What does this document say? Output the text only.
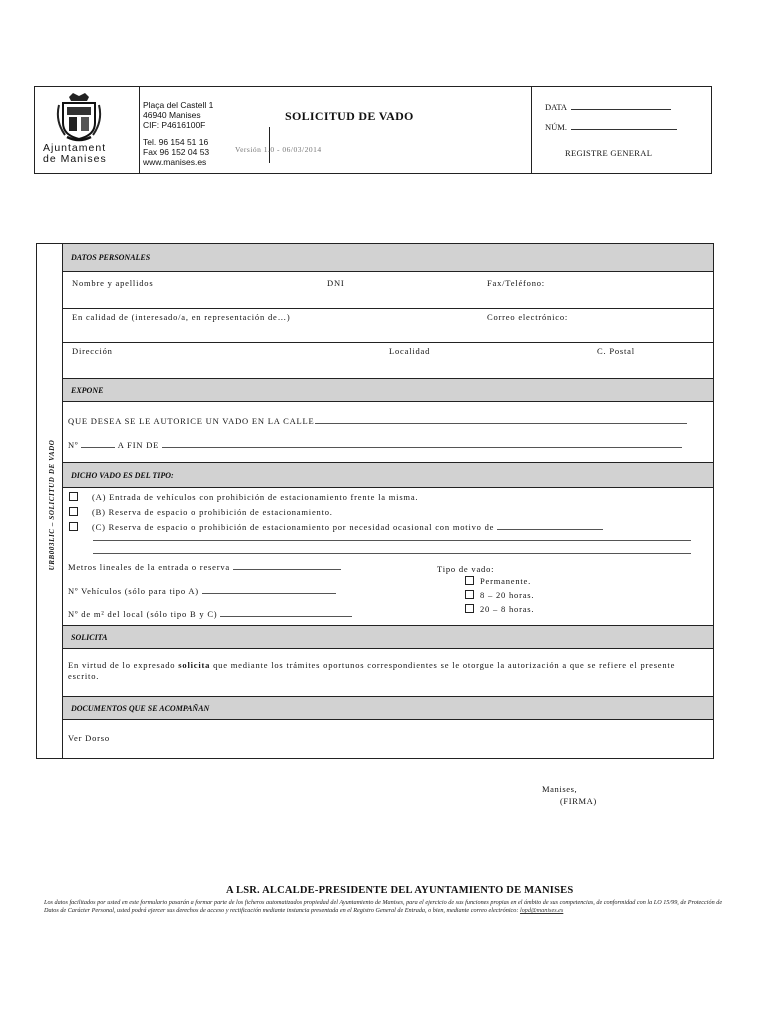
Ajuntament
de Manises
Plaça del Castell 1
46940 Manises
CIF: P4616100F
Tel. 96 154 51 16
Fax 96 152 04 53
www.manises.es
SOLICITUD DE VADO
Versión 1.0 - 06/03/2014
DATA
NÚM.
REGISTRE GENERAL
URB003LIC – SOLICITUD DE VADO
DATOS PERSONALES
Nombre y apellidos	DNI	Fax/Teléfono:
En calidad de (interesado/a, en representación de…)	Correo electrónico:
Dirección	Localidad	C. Postal
EXPONE
QUE DESEA SE LE AUTORICE UN VADO EN LA CALLE
Nº	A FIN DE
DICHO VADO ES DEL TIPO:
(A) Entrada de vehículos con prohibición de estacionamiento frente la misma.
(B) Reserva de espacio o prohibición de estacionamiento.
(C) Reserva de espacio o prohibición de estacionamiento por necesidad ocasional con motivo de
Metros lineales de la entrada o reserva
Nº Vehículos (sólo para tipo A)
Nº de m² del local (sólo tipo B y C)
Tipo de vado:
Permanente.
8 – 20 horas.
20 – 8 horas.
SOLICITA
En virtud de lo expresado solicita que mediante los trámites oportunos correspondientes se le otorgue la autorización a que se refiere el presente escrito.
DOCUMENTOS QUE SE ACOMPAÑAN
Ver Dorso
Manises,
(FIRMA)
A LSR. ALCALDE-PRESIDENTE DEL AYUNTAMIENTO DE MANISES
Los datos facilitados por usted en este formulario pasarán a formar parte de los ficheros automatizados propiedad del Ayuntamiento de Manises, para el ejercicio de sus funciones propias en el ámbito de sus competencias, de conformidad con la LO 15/99, de Protección de Datos de Carácter Personal, usted podrá ejercer sus derechos de acceso y rectificación mediante instancia presentada en el Registro General de Entrada, o bien, mediante correo electrónico: lopd@manises.es
